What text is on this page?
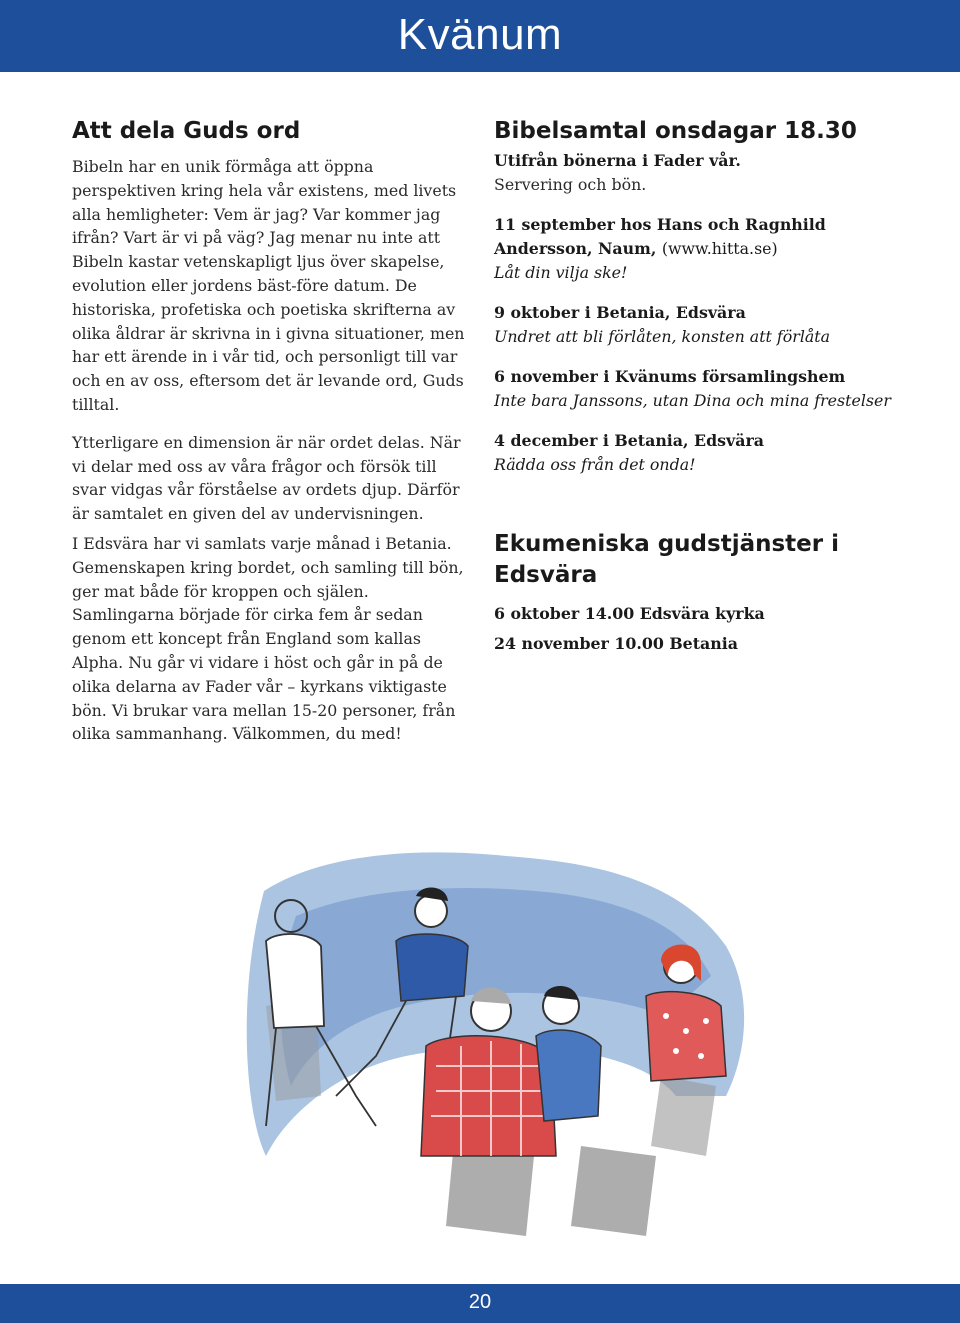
Kvänum
Att dela Guds ord

Bibeln har en unik förmåga att öppna perspektiven kring hela vår existens, med livets alla hemligheter: Vem är jag? Var kommer jag ifrån? Vart är vi på väg? Jag menar nu inte att Bibeln kastar vetenskapligt ljus över skapelse, evolution eller jordens bäst-före datum. De historiska, profetiska och poetiska skrifterna av olika åldrar är skrivna in i givna situationer, men har ett ärende in i vår tid, och personligt till var och en av oss, eftersom det är levande ord, Guds tilltal.

Ytterligare en dimension är när ordet delas. När vi delar med oss av våra frågor och försök till svar vidgas vår förståelse av ordets djup. Därför är samtalet en given del av undervisningen.

I Edsvära har vi samlats varje månad i Betania. Gemenskapen kring bordet, och samling till bön, ger mat både för kroppen och själen. Samlingarna började för cirka fem år sedan genom ett koncept från England som kallas Alpha. Nu går vi vidare i höst och går in på de olika delarna av Fader vår – kyrkans viktigaste bön. Vi brukar vara mellan 15-20 personer, från olika sammanhang. Välkommen, du med!

Bibelsamtal onsdagar 18.30
Utifrån bönerna i Fader vår.
Servering och bön.
11 september hos Hans och Ragnhild Andersson, Naum, (www.hitta.se)
Låt din vilja ske!
9 oktober i Betania, Edsvära
Undret att bli förlåten, konsten att förlåta
6 november i Kvänums församlingshem
Inte bara Janssons, utan Dina och mina frestelser
4 december i Betania, Edsvära
Rädda oss från det onda!
Ekumeniska gudstjänster i Edsvära
6 oktober 14.00 Edsvära kyrka
24 november 10.00 Betania
20
